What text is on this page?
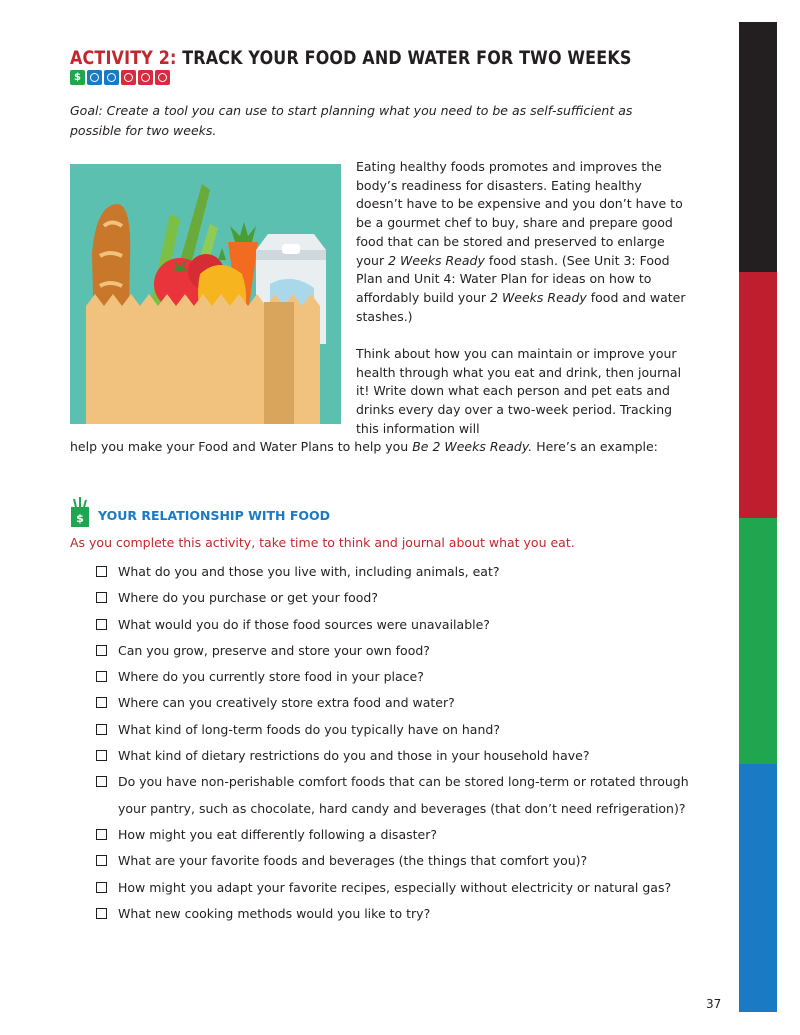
ACTIVITY 2: TRACK YOUR FOOD AND WATER FOR TWO WEEKS
$

Goal: Create a tool you can use to start planning what you need to be as self-sufficient as possible for two weeks.

Eating healthy foods promotes and improves the body’s readiness for disasters. Eating healthy doesn’t have to be expensive and you don’t have to be a gourmet chef to buy, share and prepare good food that can be stored and preserved to enlarge your 2 Weeks Ready food stash. (See Unit 3: Food Plan and Unit 4: Water Plan for ideas on how to affordably build your 2 Weeks Ready food and water stashes.)

Think about how you can maintain or improve your health through what you eat and drink, then journal it! Write down what each person and pet eats and drinks every day over a two-week period. Tracking this information will

help you make your Food and Water Plans to help you Be 2 Weeks Ready. Here’s an example:

$ YOUR RELATIONSHIP WITH FOOD

As you complete this activity, take time to think and journal about what you eat.

What do you and those you live with, including animals, eat?
Where do you purchase or get your food?
What would you do if those food sources were unavailable?
Can you grow, preserve and store your own food?
Where do you currently store food in your place?
Where can you creatively store extra food and water?
What kind of long-term foods do you typically have on hand?
What kind of dietary restrictions do you and those in your household have?
Do you have non-perishable comfort foods that can be stored long-term or rotated through your pantry, such as chocolate, hard candy and beverages (that don’t need refrigeration)?
How might you eat differently following a disaster?
What are your favorite foods and beverages (the things that comfort you)?
How might you adapt your favorite recipes, especially without electricity or natural gas?
What new cooking methods would you like to try?

37
